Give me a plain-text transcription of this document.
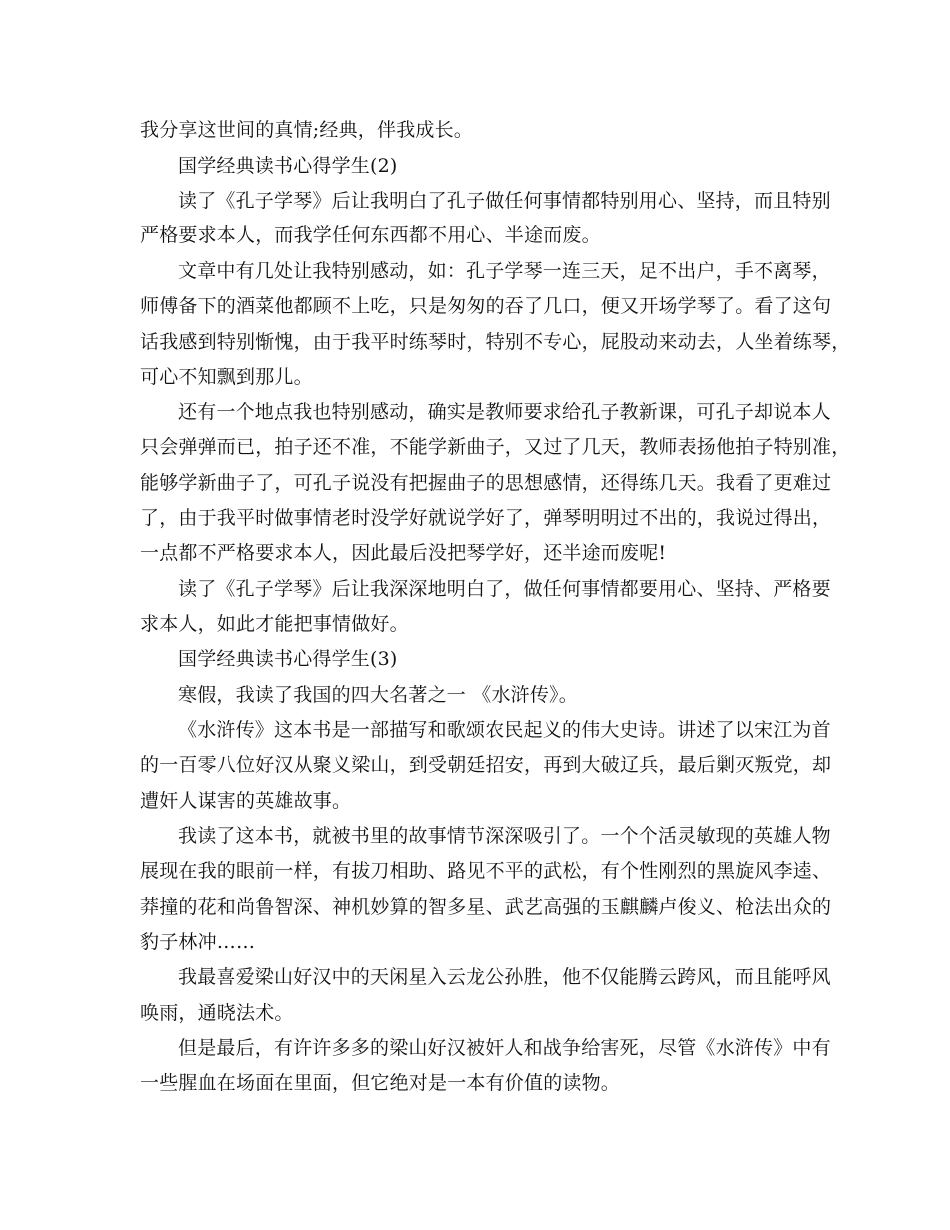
我分享这世间的真情;经典，伴我成长。
国学经典读书心得学生(2)
读了《孔子学琴》后让我明白了孔子做任何事情都特别用心、坚持，而且特别
严格要求本人，而我学任何东西都不用心、半途而废。
文章中有几处让我特别感动，如：孔子学琴一连三天，足不出户，手不离琴，
师傅备下的酒菜他都顾不上吃，只是匆匆的吞了几口，便又开场学琴了。看了这句
话我感到特别惭愧，由于我平时练琴时，特别不专心，屁股动来动去，人坐着练琴，
可心不知飘到那儿。
还有一个地点我也特别感动，确实是教师要求给孔子教新课，可孔子却说本人
只会弹弹而已，拍子还不准，不能学新曲子，又过了几天，教师表扬他拍子特别准，
能够学新曲子了，可孔子说没有把握曲子的思想感情，还得练几天。我看了更难过
了，由于我平时做事情老时没学好就说学好了，弹琴明明过不出的，我说过得出，
一点都不严格要求本人，因此最后没把琴学好，还半途而废呢!
读了《孔子学琴》后让我深深地明白了，做任何事情都要用心、坚持、严格要
求本人，如此才能把事情做好。
国学经典读书心得学生(3)
寒假，我读了我国的四大名著之一 《水浒传》。
《水浒传》这本书是一部描写和歌颂农民起义的伟大史诗。讲述了以宋江为首
的一百零八位好汉从聚义梁山，到受朝廷招安，再到大破辽兵，最后剿灭叛党，却
遭奸人谋害的英雄故事。
我读了这本书，就被书里的故事情节深深吸引了。一个个活灵敏现的英雄人物
展现在我的眼前一样，有拔刀相助、路见不平的武松，有个性刚烈的黑旋风李逵、
莽撞的花和尚鲁智深、神机妙算的智多星、武艺高强的玉麒麟卢俊义、枪法出众的
豹子林冲……
我最喜爱梁山好汉中的天闲星入云龙公孙胜，他不仅能腾云跨风，而且能呼风
唤雨，通晓法术。
但是最后，有许许多多的梁山好汉被奸人和战争给害死，尽管《水浒传》中有
一些腥血在场面在里面，但它绝对是一本有价值的读物。
